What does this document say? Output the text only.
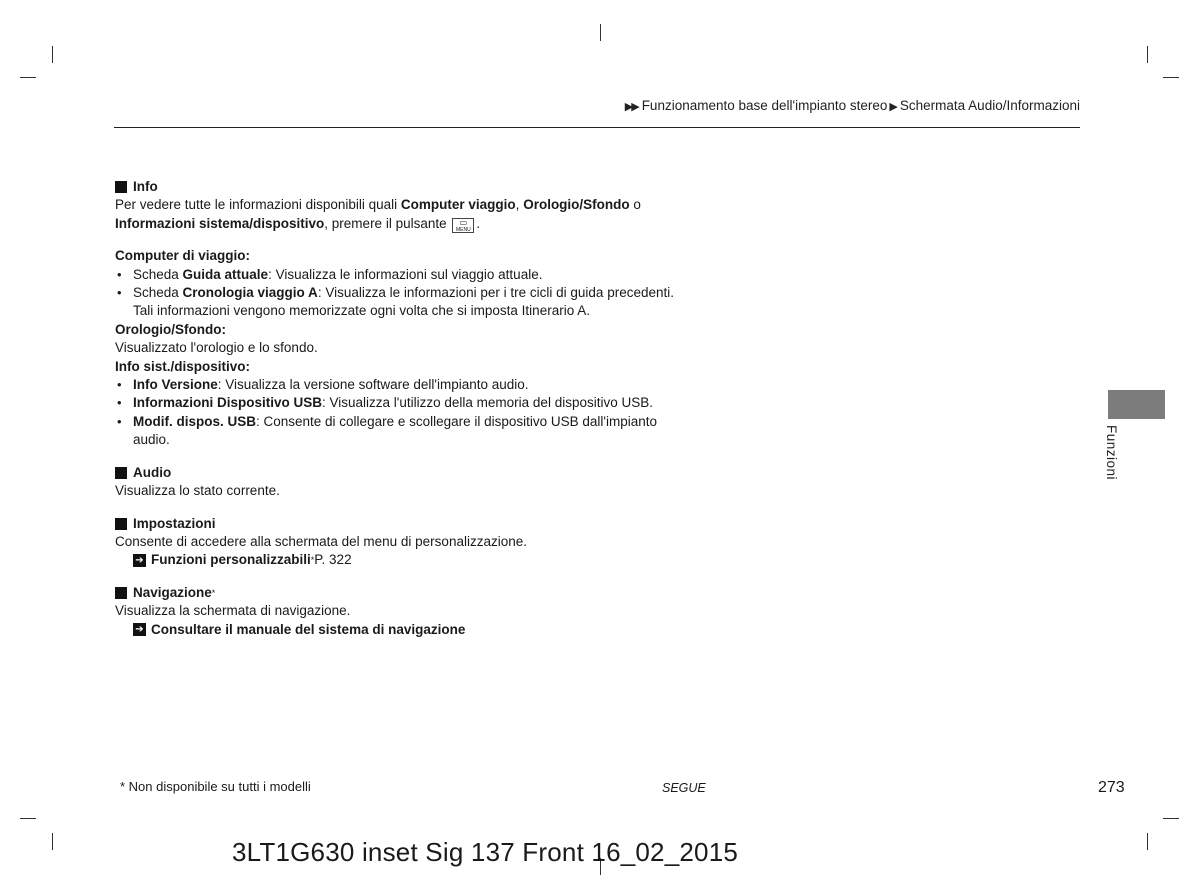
▶▶ Funzionamento base dell'impianto stereo ▶ Schermata Audio/Informazioni

Info

Per vedere tutte le informazioni disponibili quali Computer viaggio, Orologio/Sfondo o
Informazioni sistema/dispositivo, premere il pulsante	▭
MENU .

Computer di viaggio:

• Scheda Guida attuale: Visualizza le informazioni sul viaggio attuale.

• Scheda Cronologia viaggio A: Visualizza le informazioni per i tre cicli di guida precedenti.
Tali informazioni vengono memorizzate ogni volta che si imposta Itinerario A.

Orologio/Sfondo:

Visualizzato l'orologio e lo sfondo.

Info sist./dispositivo:

• Info Versione: Visualizza la versione software dell'impianto audio.

• Informazioni Dispositivo USB: Visualizza l'utilizzo della memoria del dispositivo USB.

• Modif. dispos. USB: Consente di collegare e scollegare il dispositivo USB dall'impianto
audio.

Audio

Visualizza lo stato corrente.

Impostazioni

Consente di accedere alla schermata del menu di personalizzazione.

➔ Funzioni personalizzabili * P. 322

Navigazione *

Visualizza la schermata di navigazione.

➔ Consultare il manuale del sistema di navigazione

Funzioni
* Non disponibile su tutti i modelli	SEGUE	273
3LT1G630 inset Sig 137 Front 16_02_2015
